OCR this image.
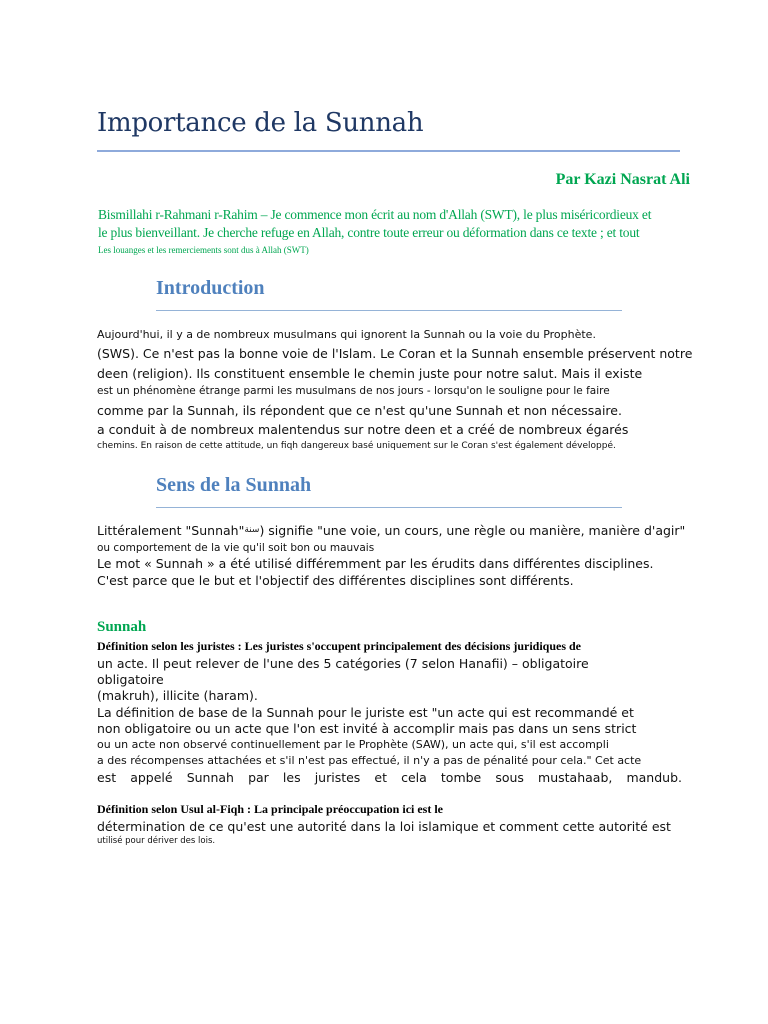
Importance de la Sunnah
Par Kazi Nasrat Ali
Bismillahi r-Rahmani r-Rahim – Je commence mon écrit au nom d'Allah (SWT), le plus miséricordieux et
le plus bienveillant. Je cherche refuge en Allah, contre toute erreur ou déformation dans ce texte ; et tout
Les louanges et les remerciements sont dus à Allah (SWT)
Introduction
Aujourd'hui, il y a de nombreux musulmans qui ignorent la Sunnah ou la voie du Prophète.
(SWS). Ce n'est pas la bonne voie de l'Islam. Le Coran et la Sunnah ensemble préservent notre
deen (religion). Ils constituent ensemble le chemin juste pour notre salut. Mais il existe
est un phénomène étrange parmi les musulmans de nos jours - lorsqu'on le souligne pour le faire
comme par la Sunnah, ils répondent que ce n'est qu'une Sunnah et non nécessaire.
a conduit à de nombreux malentendus sur notre deen et a créé de nombreux égarés
chemins. En raison de cette attitude, un fiqh dangereux basé uniquement sur le Coran s'est également développé.
Sens de la Sunnah
Littéralement "Sunnah"$^{سنة}$) signifie "une voie, un cours, une règle ou manière, manière d'agir"
ou comportement de la vie qu'il soit bon ou mauvais
Le mot « Sunnah » a été utilisé différemment par les érudits dans différentes disciplines.
C'est parce que le but et l'objectif des différentes disciplines sont différents.
Sunnah
Définition selon les juristes : Les juristes s'occupent principalement des décisions juridiques de
un acte. Il peut relever de l'une des 5 catégories (7 selon Hanafii) – obligatoire
obligatoire
(makruh), illicite (haram).
La définition de base de la Sunnah pour le juriste est "un acte qui est recommandé et
non obligatoire ou un acte que l'on est invité à accomplir mais pas dans un sens strict
ou un acte non observé continuellement par le Prophète (SAW), un acte qui, s'il est accompli
a des récompenses attachées et s'il n'est pas effectué, il n'y a pas de pénalité pour cela." Cet acte
est appelé Sunnah par les juristes et cela tombe sous mustahaab, mandub.
Définition selon Usul al-Fiqh : La principale préoccupation ici est le
détermination de ce qu'est une autorité dans la loi islamique et comment cette autorité est
utilisé pour dériver des lois.
